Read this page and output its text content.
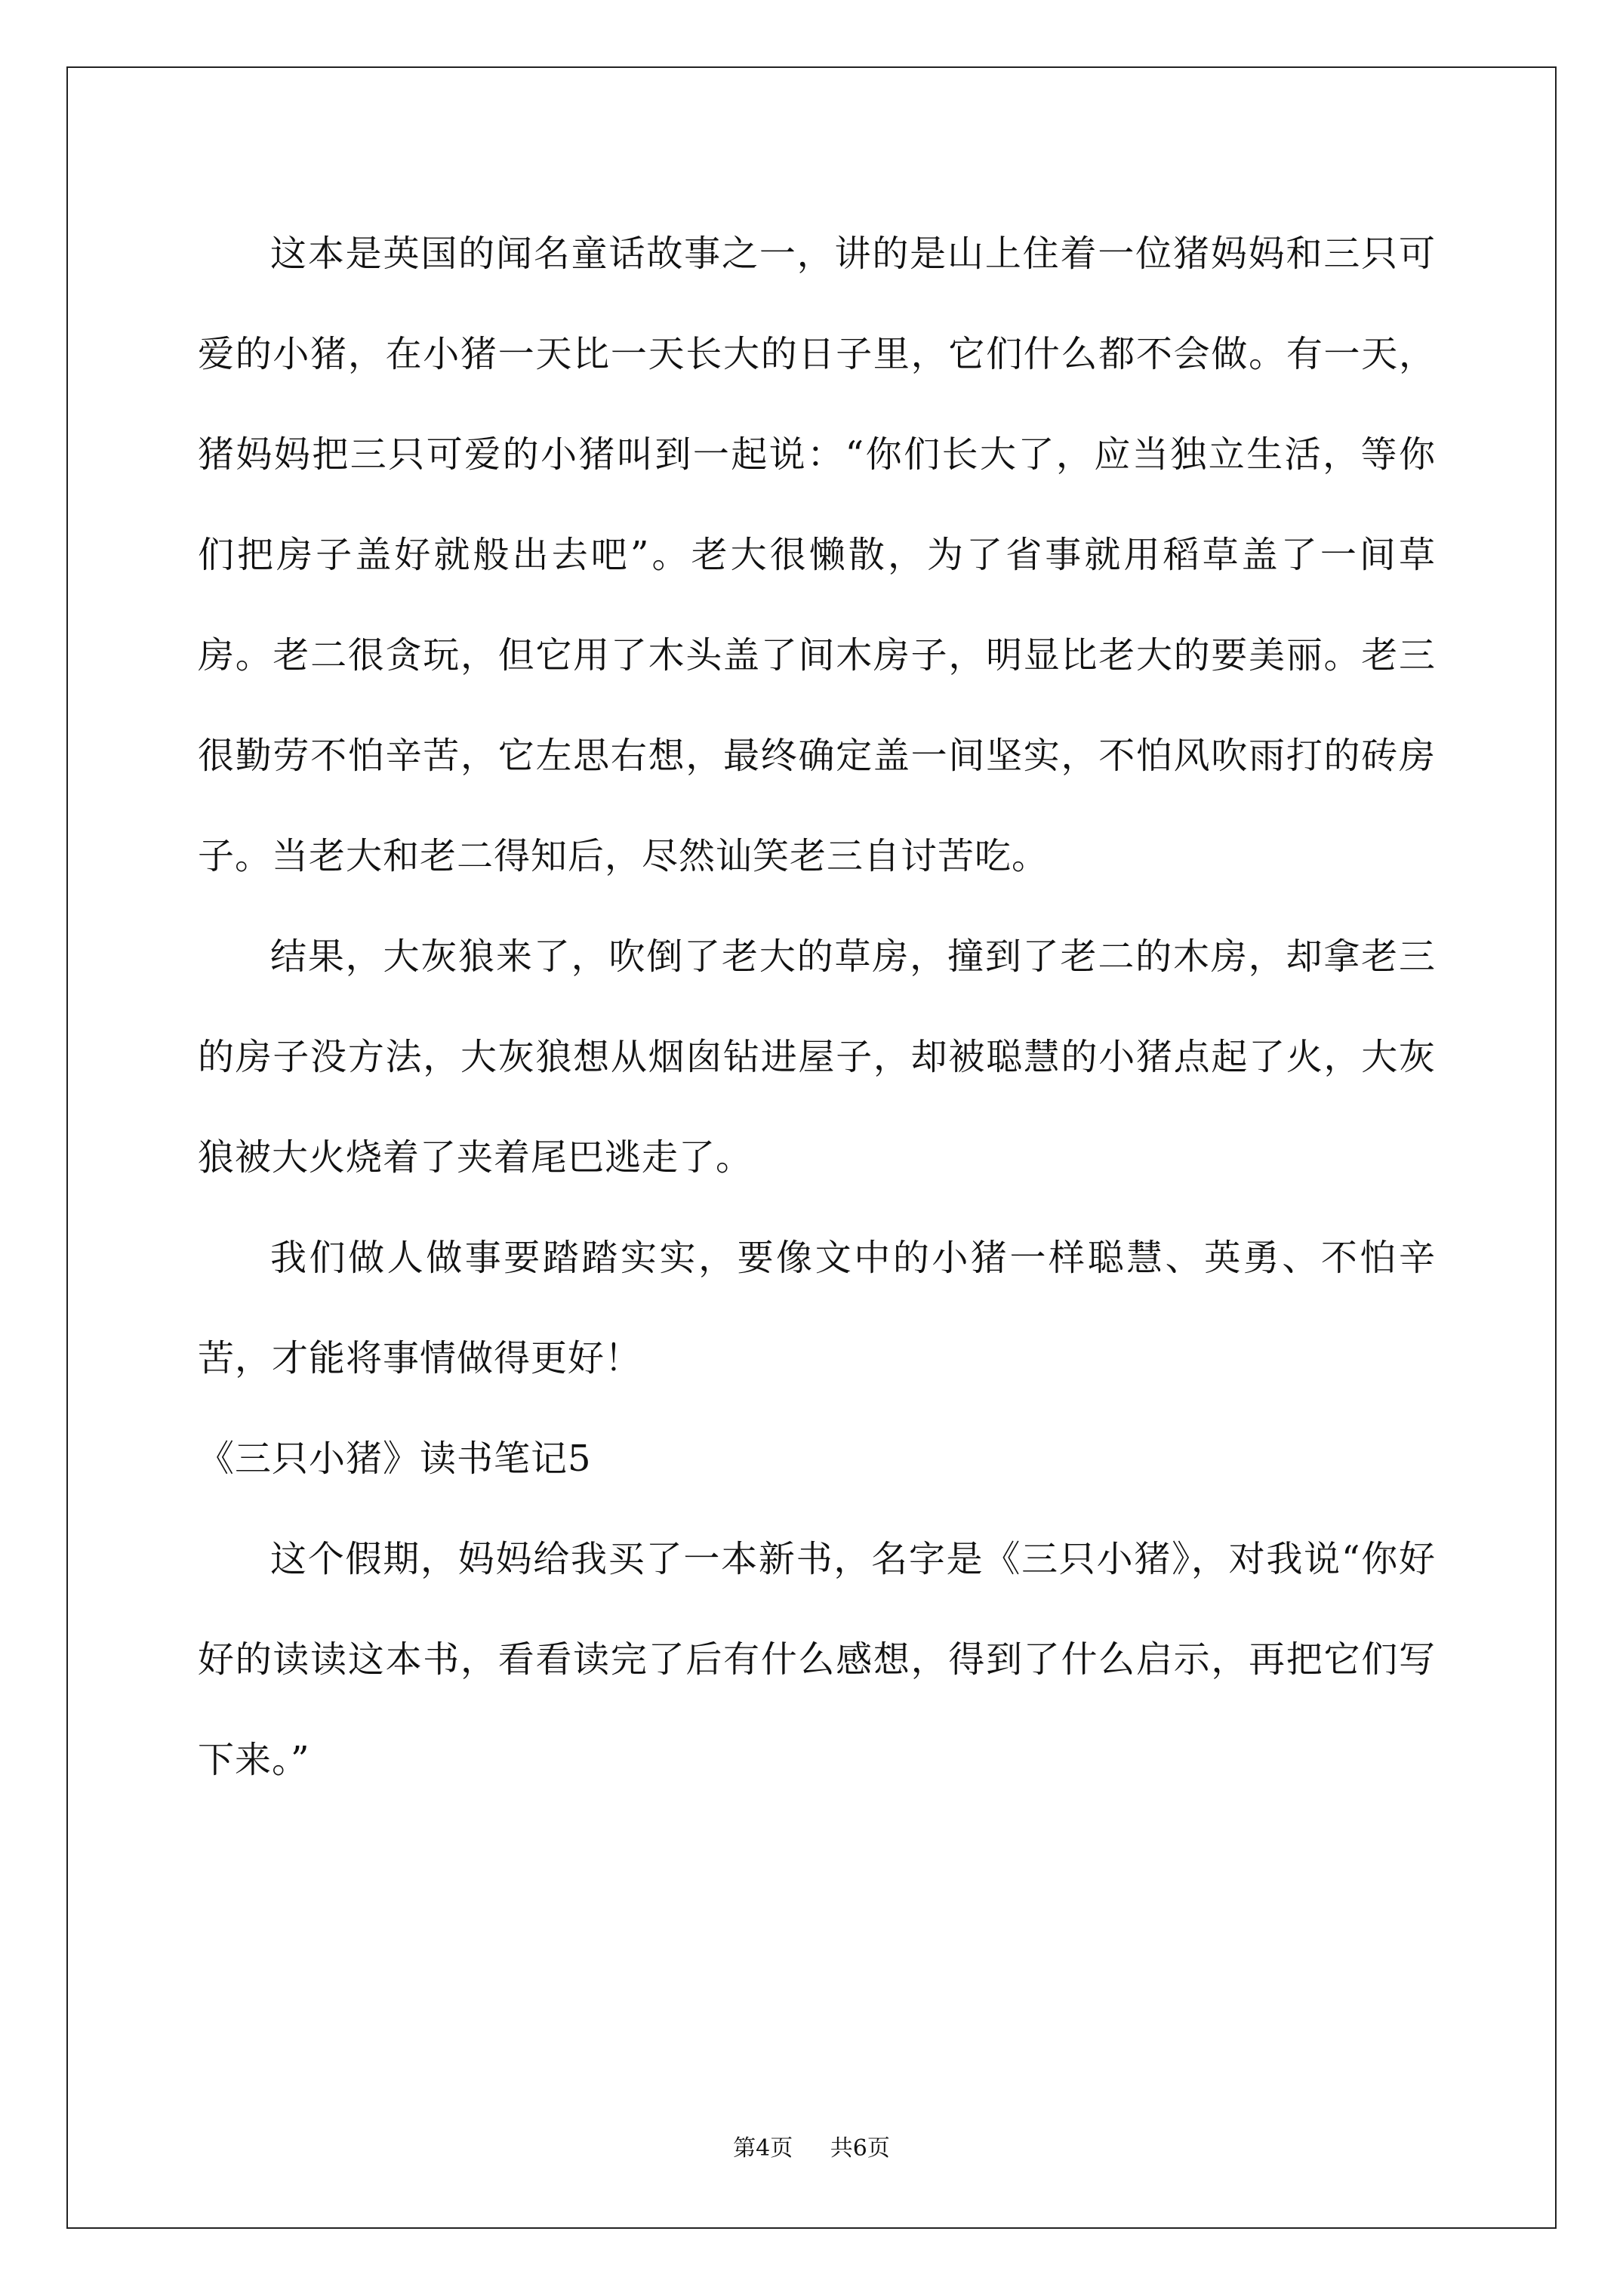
这本是英国的闻名童话故事之一，讲的是山上住着一位猪妈妈和三只可爱的小猪，在小猪一天比一天长大的日子里，它们什么都不会做。有一天，猪妈妈把三只可爱的小猪叫到一起说：“你们长大了，应当独立生活，等你们把房子盖好就般出去吧”。老大很懒散，为了省事就用稻草盖了一间草房。老二很贪玩，但它用了木头盖了间木房子，明显比老大的要美丽。老三很勤劳不怕辛苦，它左思右想，最终确定盖一间坚实，不怕风吹雨打的砖房子。当老大和老二得知后，尽然讪笑老三自讨苦吃。

结果，大灰狼来了，吹倒了老大的草房，撞到了老二的木房，却拿老三的房子没方法，大灰狼想从烟囱钻进屋子，却被聪慧的小猪点起了火，大灰狼被大火烧着了夹着尾巴逃走了。

我们做人做事要踏踏实实，要像文中的小猪一样聪慧、英勇、不怕辛苦，才能将事情做得更好！

《三只小猪》读书笔记5

这个假期，妈妈给我买了一本新书，名字是《三只小猪》，对我说“你好好的读读这本书，看看读完了后有什么感想，得到了什么启示，再把它们写下来。”

第4页 共6页
